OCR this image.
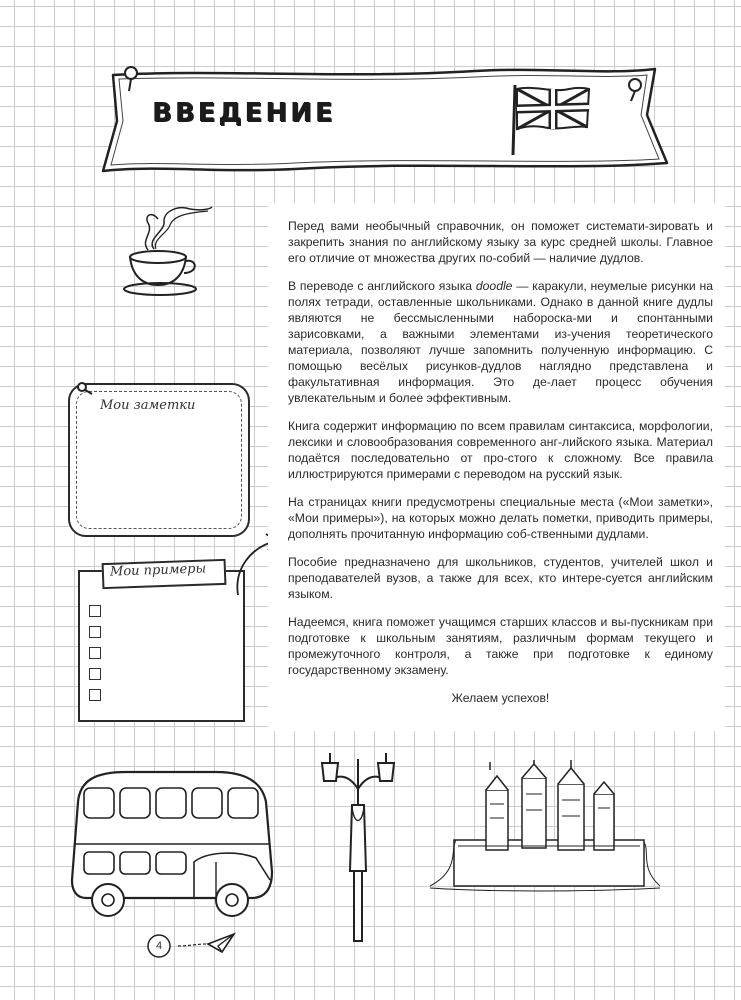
ВВЕДЕНИЕ
Мои заметки
Мои примеры

Перед вами необычный справочник, он поможет системати-зировать и закрепить знания по английскому языку за курс средней школы. Главное его отличие от множества других по-собий — наличие дудлов.

В переводе с английского языка doodle — каракули, неумелые рисунки на полях тетради, оставленные школьниками. Однако в данной книге дудлы являются не бессмысленными набороска-ми и спонтанными зарисовками, а важными элементами из-учения теоретического материала, позволяют лучше запомнить полученную информацию. С помощью весёлых рисунков-дудлов наглядно представлена и факультативная информация. Это де-лает процесс обучения увлекательным и более эффективным.

Книга содержит информацию по всем правилам синтаксиса, морфологии, лексики и словообразования современного анг-лийского языка. Материал подаётся последовательно от про-стого к сложному. Все правила иллюстрируются примерами с переводом на русский язык.

На страницах книги предусмотрены специальные места («Мои заметки», «Мои примеры»), на которых можно делать пометки, приводить примеры, дополнять прочитанную информацию соб-ственными дудлами.

Пособие предназначено для школьников, студентов, учителей школ и преподавателей вузов, а также для всех, кто интере-суется английским языком.

Надеемся, книга поможет учащимся старших классов и вы-пускникам при подготовке к школьным занятиям, различным формам текущего и промежуточного контроля, а также при подготовке к единому государственному экзамену.

Желаем успехов!

4
